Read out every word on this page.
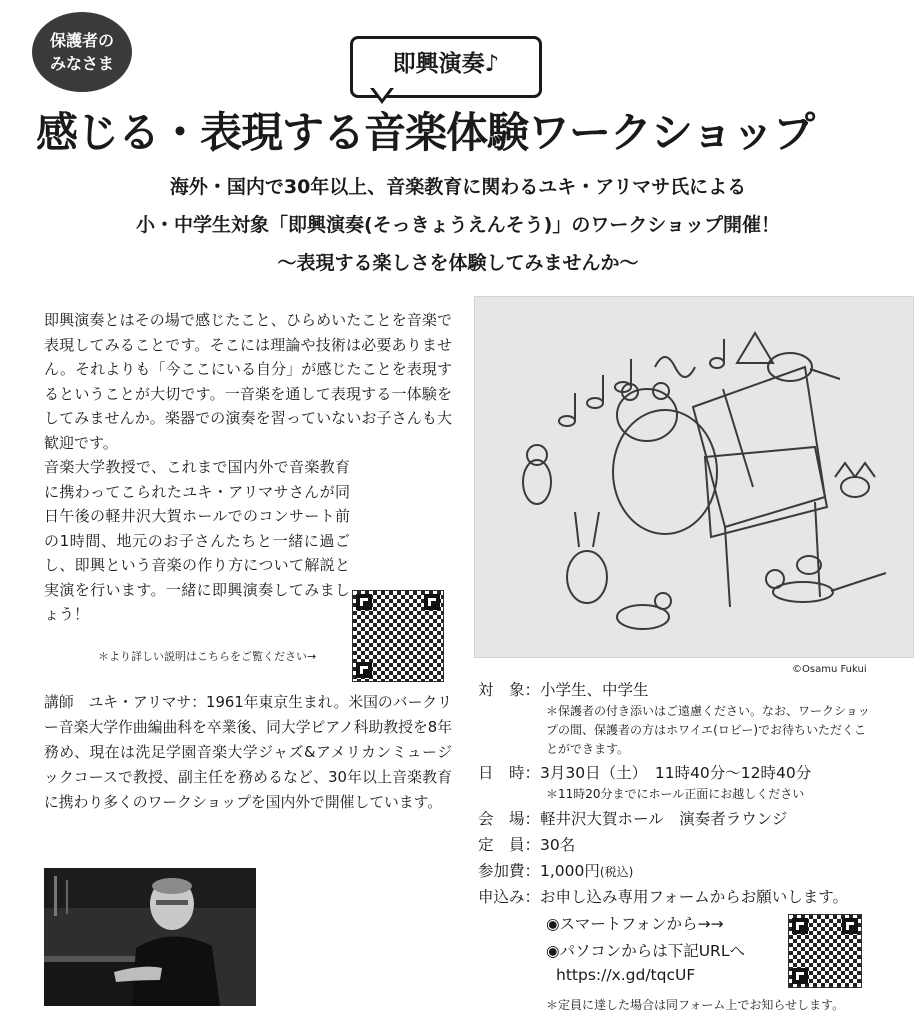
保護者の
みなさま	即興演奏♪
感じる・表現する音楽体験ワークショップ
海外・国内で30年以上、音楽教育に関わるユキ・アリマサ氏による
小・中学生対象「即興演奏(そっきょうえんそう)」のワークショップ開催！
〜表現する楽しさを体験してみませんか〜

即興演奏とはその場で感じたこと、ひらめいたことを音楽で表現してみることです。そこには理論や技術は必要ありません。それよりも「今ここにいる自分」が感じたことを表現するということが大切です。一音楽を通して表現する一体験をしてみませんか。楽器での演奏を習っていないお子さんも大歓迎です。

音楽大学教授で、これまで国内外で音楽教育に携わってこられたユキ・アリマサさんが同日午後の軽井沢大賀ホールでのコンサート前の1時間、地元のお子さんたちと一緒に過ごし、即興という音楽の作り方について解説と実演を行います。一緒に即興演奏してみましょう！

＊より詳しい説明はこちらをご覧ください→
講師　ユキ・アリマサ：1961年東京生まれ。米国のバークリー音楽大学作曲編曲科を卒業後、同大学ピアノ科助教授を8年務め、現在は洗足学園音楽大学ジャズ&アメリカンミュージックコースで教授、副主任を務めるなど、30年以上音楽教育に携わり多くのワークショップを国内外で開催しています。
©Osamu Fukui
対　象：小学生、中学生
＊保護者の付き添いはご遠慮ください。なお、ワークショップの間、保護者の方はホワイエ(ロビー)でお待ちいただくことができます。
日　時：3月30日（土）　11時40分〜12時40分
＊11時20分までにホール正面にお越しください
会　場：軽井沢大賀ホール　演奏者ラウンジ
定　員：30名
参加費：1,000円(税込)
申込み：お申し込み専用フォームからお願いします。
◉スマートフォンから→→
◉パソコンからは下記URLへ
https://x.gd/tqcUF
＊定員に達した場合は同フォーム上でお知らせします。
